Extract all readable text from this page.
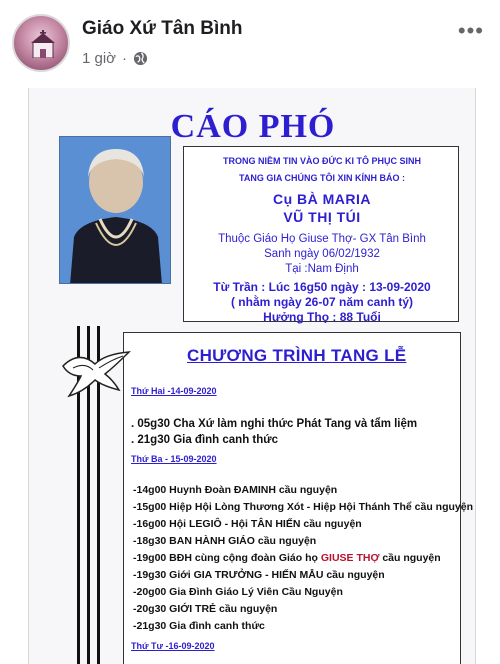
Giáo Xứ Tân Bình
1 giờ ·
•••
CÁO PHÓ
TRONG NIỀM TIN VÀO ĐỨC KI TÔ PHỤC SINH
TANG GIA CHÚNG TÔI XIN KÍNH BÁO :
Cụ BÀ MARIA
VŨ THỊ TÚI
Thuộc Giáo Họ Giuse Thợ- GX Tân Bình
Sanh ngày 06/02/1932
Tại :Nam Định
Từ Trần : Lúc 16g50 ngày : 13-09-2020
( nhằm ngày 26-07 năm canh tý)
Hưởng Thọ : 88 Tuổi
CHƯƠNG TRÌNH TANG LỄ
Thứ Hai -14-09-2020
. 05g30 Cha Xứ làm nghi thức Phát Tang và tẩm liệm
. 21g30 Gia đình canh thức
Thứ Ba - 15-09-2020
-14g00 Huynh Đoàn ĐAMINH cầu nguyện
-15g00 Hiệp Hội Lòng Thương Xót - Hiệp Hội Thánh Thể cầu nguyện
-16g00 Hội LEGIÔ - Hội TÂN HIẾN cầu nguyện
-18g30 BAN HÀNH GIÁO cầu nguyện
-19g00 BĐH cùng cộng đoàn Giáo họ GIUSE THỢ cầu nguyện
-19g30 Giới GIA TRƯỞNG - HIẾN MẪU cầu nguyện
-20g00 Gia Đình Giáo Lý Viên Cầu Nguyện
-20g30 GIỚI TRẺ cầu nguyện
-21g30 Gia đình canh thức
Thứ Tư -16-09-2020
